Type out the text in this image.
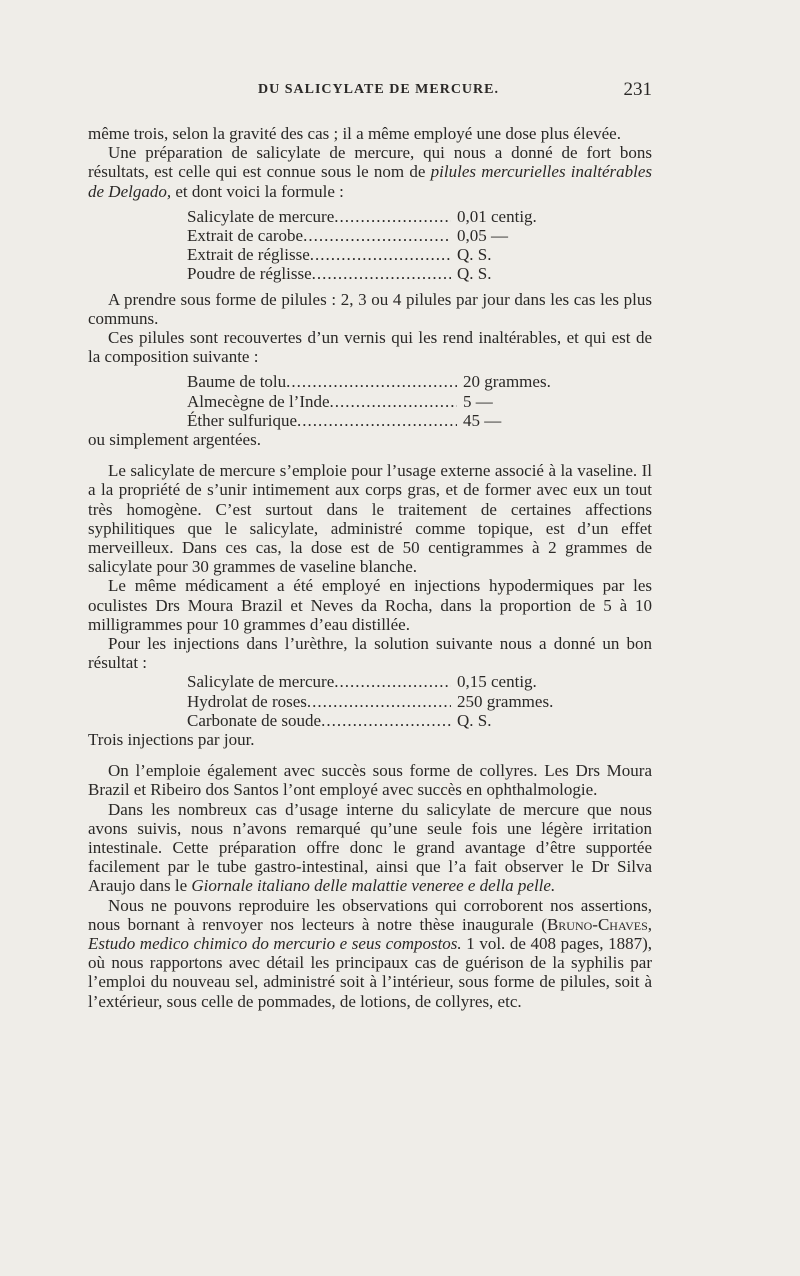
DU SALICYLATE DE MERCURE.	231

même trois, selon la gravité des cas ; il a même employé une dose plus élevée.

Une préparation de salicylate de mercure, qui nous a donné de fort bons résultats, est celle qui est connue sous le nom de pilules mercurielles inaltérables de Delgado, et dont voici la formule :

Salicylate de mercure .....	0,01 centig.
Extrait de carobe .....	0,05 —
Extrait de réglisse .....	Q. S.
Poudre de réglisse .....	Q. S.

A prendre sous forme de pilules : 2, 3 ou 4 pilules par jour dans les cas les plus communs.

Ces pilules sont recouvertes d’un vernis qui les rend inaltérables, et qui est de la composition suivante :

Baume de tolu .....	20 grammes.
Almecègne de l’Inde .....	5 —
Éther sulfurique .....	45 —

ou simplement argentées.

Le salicylate de mercure s’emploie pour l’usage externe associé à la vaseline. Il a la propriété de s’unir intimement aux corps gras, et de former avec eux un tout très homogène. C’est surtout dans le traitement de certaines affections syphilitiques que le salicylate, administré comme topique, est d’un effet merveilleux. Dans ces cas, la dose est de 50 centigrammes à 2 grammes de salicylate pour 30 grammes de vaseline blanche.

Le même médicament a été employé en injections hypodermiques par les oculistes Drs Moura Brazil et Neves da Rocha, dans la proportion de 5 à 10 milligrammes pour 10 grammes d’eau distillée.

Pour les injections dans l’urèthre, la solution suivante nous a donné un bon résultat :

Salicylate de mercure .....	0,15 centig.
Hydrolat de roses .....	250 grammes.
Carbonate de soude .....	Q. S.

Trois injections par jour.

On l’emploie également avec succès sous forme de collyres. Les Drs Moura Brazil et Ribeiro dos Santos l’ont employé avec succès en ophthalmologie.

Dans les nombreux cas d’usage interne du salicylate de mercure que nous avons suivis, nous n’avons remarqué qu’une seule fois une légère irritation intestinale. Cette préparation offre donc le grand avantage d’être supportée facilement par le tube gastro-intestinal, ainsi que l’a fait observer le Dr Silva Araujo dans le Giornale italiano delle malattie veneree e della pelle.

Nous ne pouvons reproduire les observations qui corroborent nos assertions, nous bornant à renvoyer nos lecteurs à notre thèse inaugurale (Bruno-Chaves, Estudo medico chimico do mercurio e seus compostos. 1 vol. de 408 pages, 1887), où nous rapportons avec détail les principaux cas de guérison de la syphilis par l’emploi du nouveau sel, administré soit à l’intérieur, sous forme de pilules, soit à l’extérieur, sous celle de pommades, de lotions, de collyres, etc.
